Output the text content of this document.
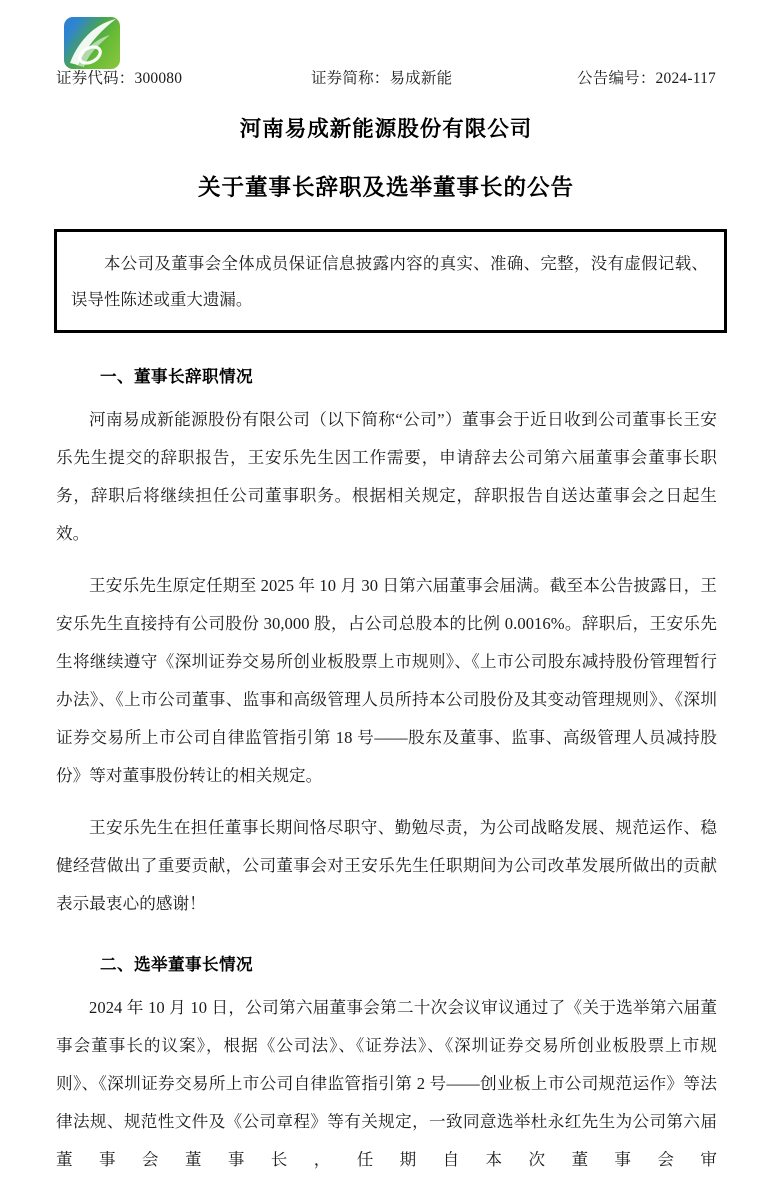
证券代码：300080	证券简称：易成新能	公告编号：2024-117
河南易成新能源股份有限公司
关于董事长辞职及选举董事长的公告
本公司及董事会全体成员保证信息披露内容的真实、准确、完整，没有虚假记载、误导性陈述或重大遗漏。
一、董事长辞职情况

河南易成新能源股份有限公司（以下简称“公司”）董事会于近日收到公司董事长王安乐先生提交的辞职报告，王安乐先生因工作需要，申请辞去公司第六届董事会董事长职务，辞职后将继续担任公司董事职务。根据相关规定，辞职报告自送达董事会之日起生效。

王安乐先生原定任期至 2025 年 10 月 30 日第六届董事会届满。截至本公告披露日，王安乐先生直接持有公司股份 30,000 股，占公司总股本的比例 0.0016%。辞职后，王安乐先生将继续遵守《深圳证券交易所创业板股票上市规则》、《上市公司股东减持股份管理暂行办法》、《上市公司董事、监事和高级管理人员所持本公司股份及其变动管理规则》、《深圳证券交易所上市公司自律监管指引第 18 号——股东及董事、监事、高级管理人员减持股份》等对董事股份转让的相关规定。

王安乐先生在担任董事长期间恪尽职守、勤勉尽责，为公司战略发展、规范运作、稳健经营做出了重要贡献，公司董事会对王安乐先生任职期间为公司改革发展所做出的贡献表示最衷心的感谢！

二、选举董事长情况

2024 年 10 月 10 日，公司第六届董事会第二十次会议审议通过了《关于选举第六届董事会董事长的议案》，根据《公司法》、《证券法》、《深圳证券交易所创业板股票上市规则》、《深圳证券交易所上市公司自律监管指引第 2 号——创业板上市公司规范运作》等法律法规、规范性文件及《公司章程》等有关规定，一致同意选举杜永红先生为公司第六届董事会董事长，任期自本次董事会审
